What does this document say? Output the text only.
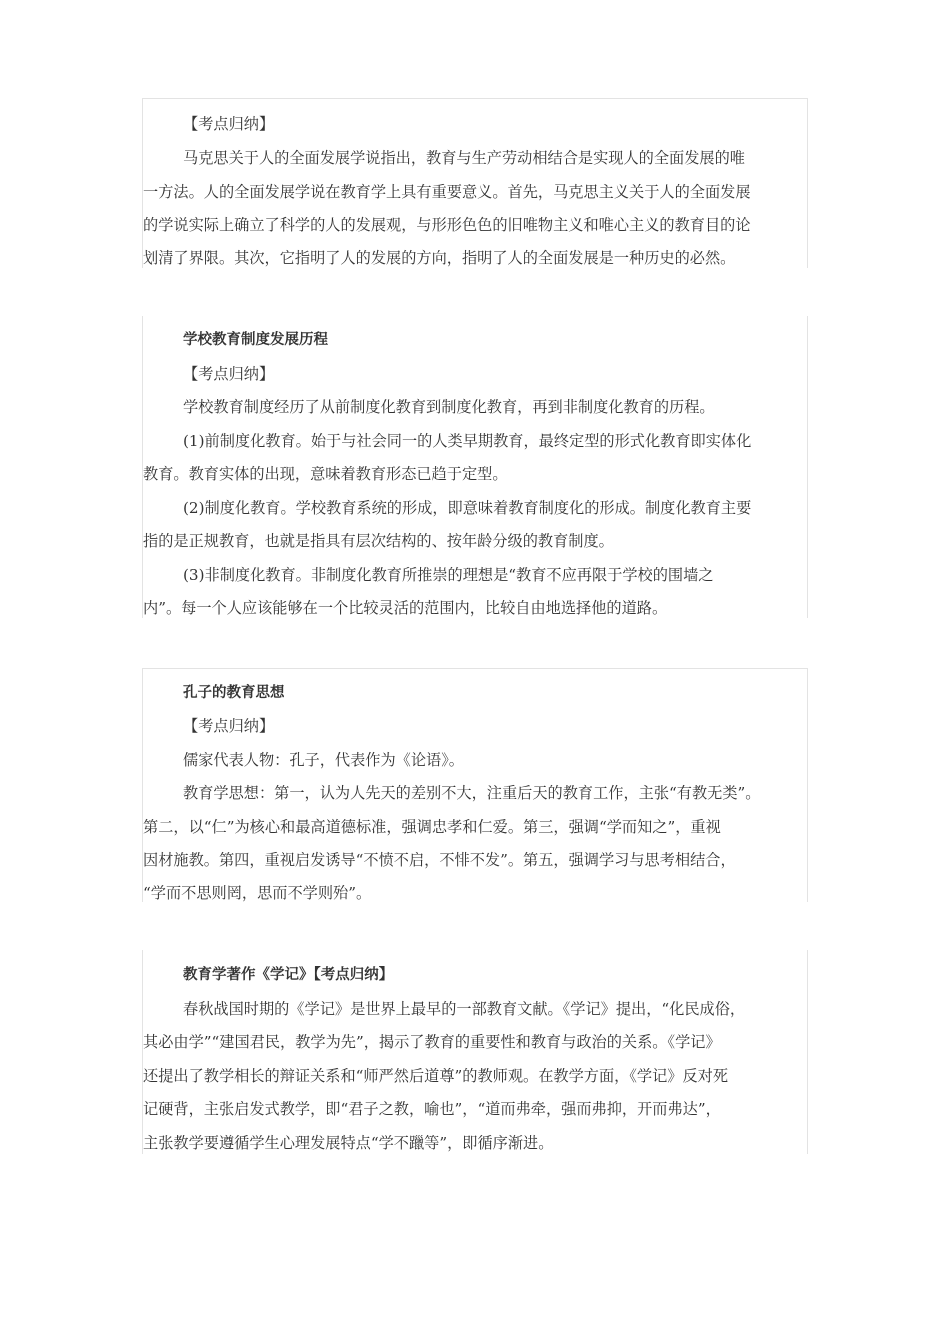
【考点归纳】
马克思关于人的全面发展学说指出，教育与生产劳动相结合是实现人的全面发展的唯
一方法。人的全面发展学说在教育学上具有重要意义。首先，马克思主义关于人的全面发展
的学说实际上确立了科学的人的发展观，与形形色色的旧唯物主义和唯心主义的教育目的论
划清了界限。其次，它指明了人的发展的方向，指明了人的全面发展是一种历史的必然。
学校教育制度发展历程
【考点归纳】
学校教育制度经历了从前制度化教育到制度化教育，再到非制度化教育的历程。
(1)前制度化教育。始于与社会同一的人类早期教育，最终定型的形式化教育即实体化
教育。教育实体的出现，意味着教育形态已趋于定型。
(2)制度化教育。学校教育系统的形成，即意味着教育制度化的形成。制度化教育主要
指的是正规教育，也就是指具有层次结构的、按年龄分级的教育制度。
(3)非制度化教育。非制度化教育所推崇的理想是“教育不应再限于学校的围墙之
内”。每一个人应该能够在一个比较灵活的范围内，比较自由地选择他的道路。
孔子的教育思想
【考点归纳】
儒家代表人物：孔子，代表作为《论语》。
教育学思想：第一，认为人先天的差别不大，注重后天的教育工作，主张“有教无类”。
第二，以“仁”为核心和最高道德标准，强调忠孝和仁爱。第三，强调“学而知之”，重视
因材施教。第四，重视启发诱导“不愤不启，不悱不发”。第五，强调学习与思考相结合，
“学而不思则罔，思而不学则殆”。
教育学著作《学记》【考点归纳】
春秋战国时期的《学记》是世界上最早的一部教育文献。《学记》提出，“化民成俗，
其必由学”“建国君民，教学为先”，揭示了教育的重要性和教育与政治的关系。《学记》
还提出了教学相长的辩证关系和“师严然后道尊”的教师观。在教学方面，《学记》反对死
记硬背，主张启发式教学，即“君子之教，喻也”，“道而弗牵，强而弗抑，开而弗达”，
主张教学要遵循学生心理发展特点“学不躐等”，即循序渐进。
